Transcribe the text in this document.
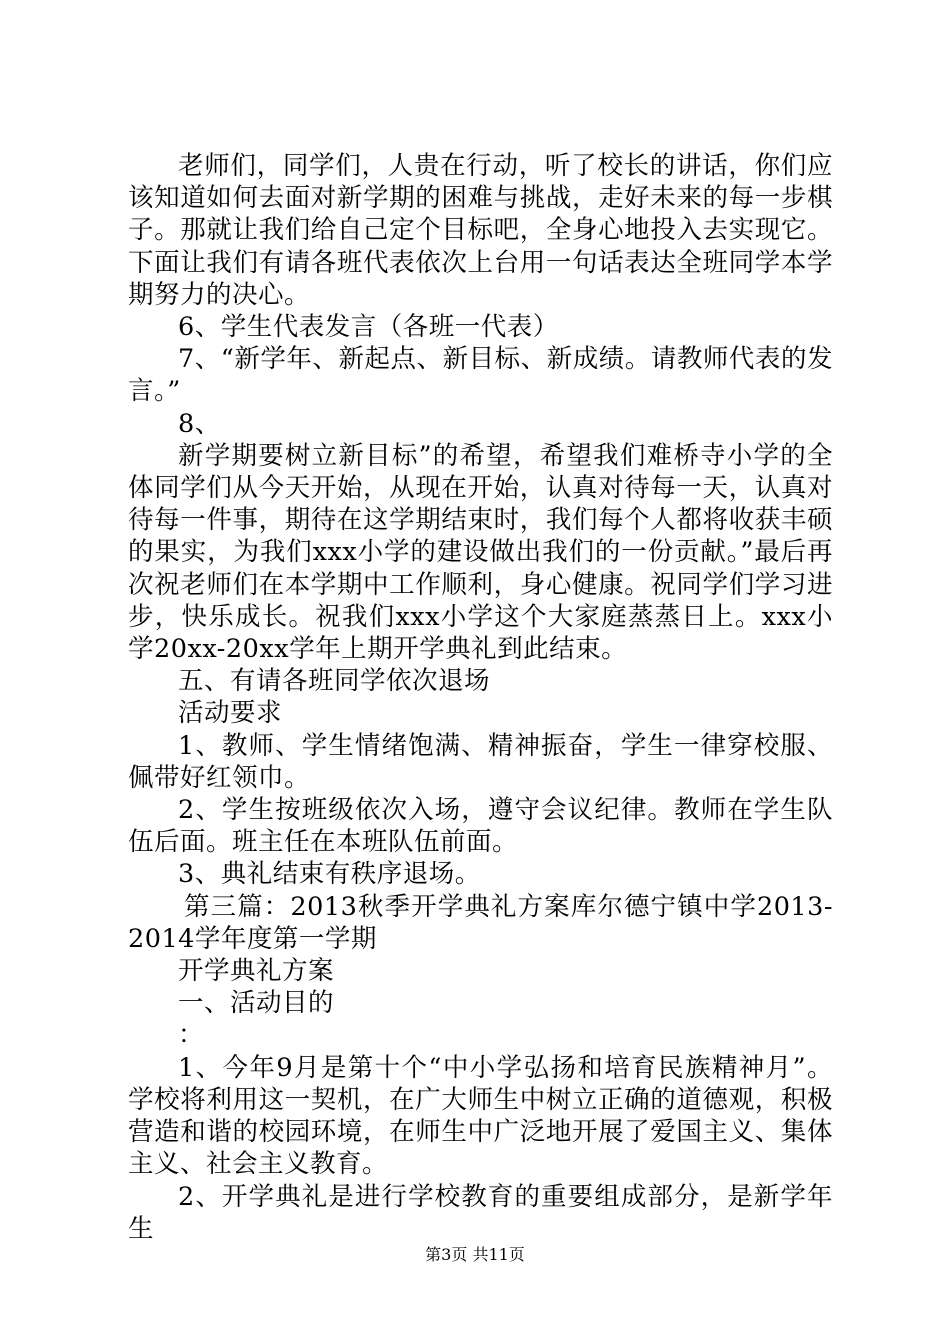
老师们，同学们，人贵在行动，听了校长的讲话，你们应该知道如何去面对新学期的困难与挑战，走好未来的每一步棋子。那就让我们给自己定个目标吧，全身心地投入去实现它。下面让我们有请各班代表依次上台用一句话表达全班同学本学期努力的决心。

6、学生代表发言（各班一代表）

7、“新学年、新起点、新目标、新成绩。请教师代表的发言。”

8、

新学期要树立新目标”的希望，希望我们难桥寺小学的全体同学们从今天开始，从现在开始，认真对待每一天，认真对待每一件事，期待在这学期结束时，我们每个人都将收获丰硕的果实，为我们xxx小学的建设做出我们的一份贡献。”最后再次祝老师们在本学期中工作顺利，身心健康。祝同学们学习进步，快乐成长。祝我们xxx小学这个大家庭蒸蒸日上。xxx小学20xx-20xx学年上期开学典礼到此结束。

五、有请各班同学依次退场

活动要求

1、教师、学生情绪饱满、精神振奋，学生一律穿校服、佩带好红领巾。

2、学生按班级依次入场，遵守会议纪律。教师在学生队伍后面。班主任在本班队伍前面。

3、典礼结束有秩序退场。

第三篇：2013秋季开学典礼方案库尔德宁镇中学2013-2014学年度第一学期

开学典礼方案

一、活动目的

：

1、今年9月是第十个“中小学弘扬和培育民族精神月”。学校将利用这一契机，在广大师生中树立正确的道德观，积极营造和谐的校园环境，在师生中广泛地开展了爱国主义、集体主义、社会主义教育。

2、开学典礼是进行学校教育的重要组成部分，是新学年生

第3页 共11页
